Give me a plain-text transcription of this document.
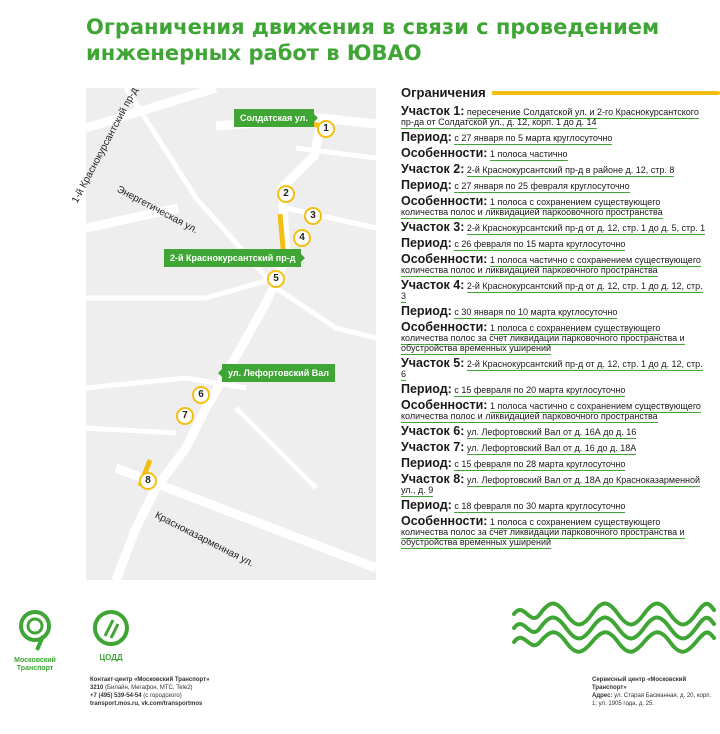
Ограничения движения в связи с проведением инженерных работ в ЮВАО
1-й Краснокурсантский пр-д
Энергетическая ул.
Краснoказарменная ул.
Солдатская ул.
2-й Краснокурсантский пр-д
ул. Лефортовский Вал
1
2
3
4
5
6
7
8
Ограничения
Участок 1: пересечение Солдатской ул. и 2-го Краснокурсантского пр-да от Солдатской ул., д. 12, корп. 1 до д. 14
Период: с 27 января по 5 марта круглосуточно
Особенности: 1 полоса частично
Участок 2: 2-й Краснокурсантский пр-д в районе д. 12, стр. 8
Период: с 27 января по 25 февраля круглосуточно
Особенности: 1 полоса с сохранением существующего количества полос и ликвидацией паркоовочного пространства
Участок 3: 2-й Краснокурсантский пр-д от д. 12, стр. 1 до д. 5, стр. 1
Период: с 26 февраля по 15 марта круглосуточно
Особенности: 1 полоса частично с сохранением существующего количества полос и ликвидацией парковочного пространства
Участок 4: 2-й Краснокурсантский пр-д от д. 12, стр. 1 до д. 12, стр. 3
Период: с 30 января по 10 марта круглосуточно
Особенности: 1 полоса с сохранением существующего количества полос за счет ликвидации парковочного пространства и обустройства временных уширений
Участок 5: 2-й Краснокурсантский пр-д от д. 12, стр. 1 до д. 12, стр. 6
Период: с 15 февраля по 20 марта круглосуточно
Особенности: 1 полоса частично с сохранением существующего количества полос и ликвидацией парковочного пространства
Участок 6: ул. Лефортовский Вал от д. 16А до д. 16
Участок 7: ул. Лефортовский Вал от д. 16 до д. 18А
Период: с 15 февраля по 28 марта круглосуточно
Участок 8: ул. Лефортовский Вал от д. 18А до Краснoказарменной ул., д. 9
Период: с 18 февраля по 30 марта круглосуточно
Особенности: 1 полоса с сохранением существующего количества полос за счет ликвидации парковочного пространства и обустройства временных уширений
Московский Транспорт
ЦОДД
Контакт-центр «Московский Транспорт»
3210 (Билайн, Мегафон, МТС, Tele2)
+7 (495) 539-54-54 (с городского)
transport.mos.ru, vk.com/transportmos
Сервисный центр «Московский Транспорт»
Адрес: ул. Старая Басманная, д. 20, корп. 1; ул. 1905 года, д. 25.
